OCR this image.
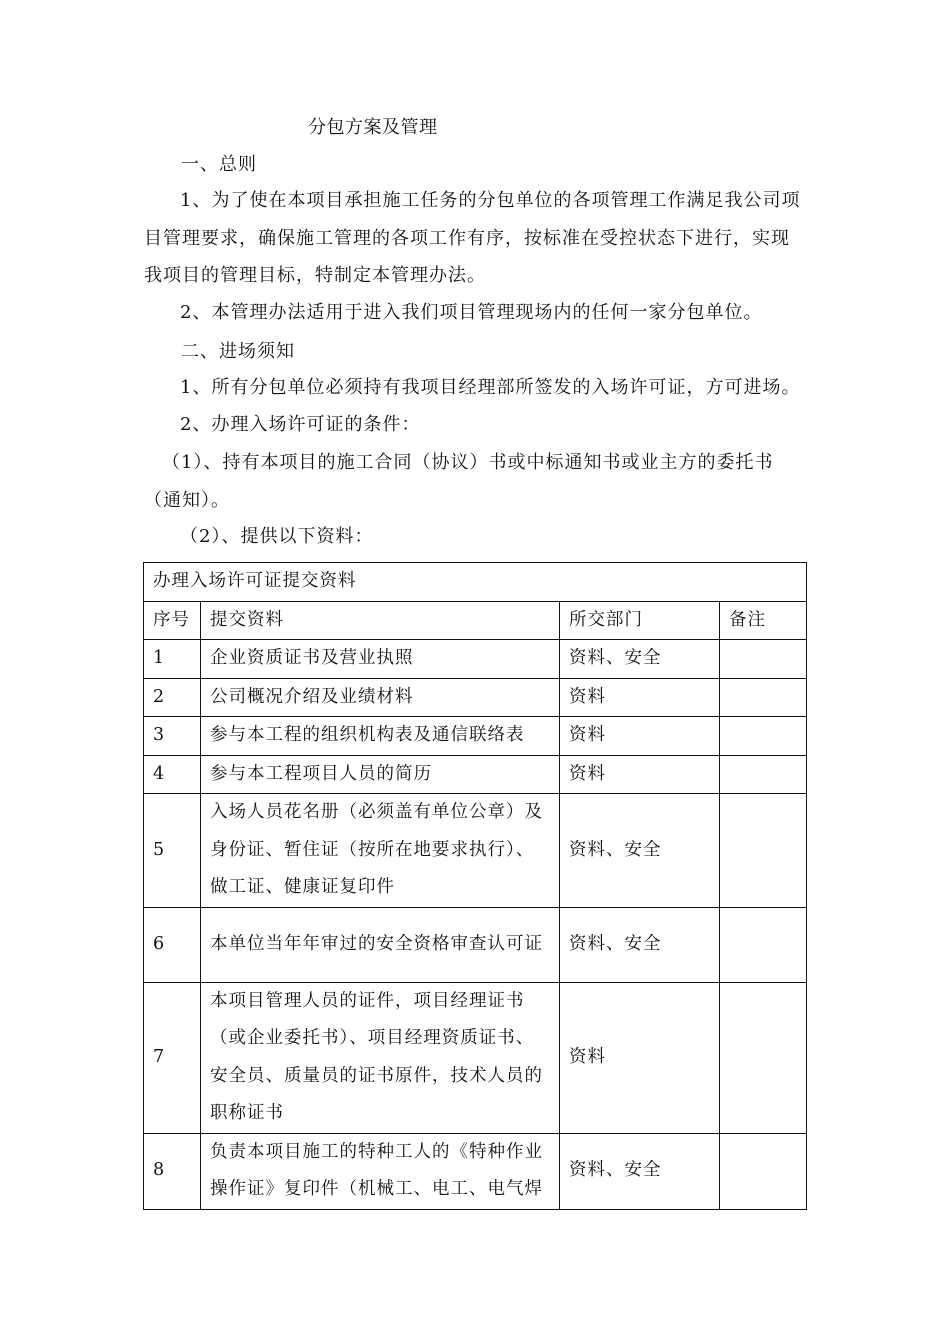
分包方案及管理
一、总则
1、为了使在本项目承担施工任务的分包单位的各项管理工作满足我公司项目管理要求，确保施工管理的各项工作有序，按标准在受控状态下进行，实现我项目的管理目标，特制定本管理办法。
2、本管理办法适用于进入我们项目管理现场内的任何一家分包单位。
二、进场须知
1、所有分包单位必须持有我项目经理部所签发的入场许可证，方可进场。
2、办理入场许可证的条件：
（1）、持有本项目的施工合同（协议）书或中标通知书或业主方的委托书（通知）。
（2）、提供以下资料：
办理入场许可证提交资料			
序号	提交资料	所交部门	备注
1	企业资质证书及营业执照	资料、安全	
2	公司概况介绍及业绩材料	资料	
3	参与本工程的组织机构表及通信联络表	资料	
4	参与本工程项目人员的简历	资料	
5	入场人员花名册（必须盖有单位公章）及身份证、暂住证（按所在地要求执行）、做工证、健康证复印件	资料、安全	
6	本单位当年年审过的安全资格审查认可证	资料、安全	
7	本项目管理人员的证件，项目经理证书（或企业委托书）、项目经理资质证书、安全员、质量员的证书原件，技术人员的职称证书	资料	
8	负责本项目施工的特种工人的《特种作业操作证》复印件（机械工、电工、电气焊	资料、安全	
